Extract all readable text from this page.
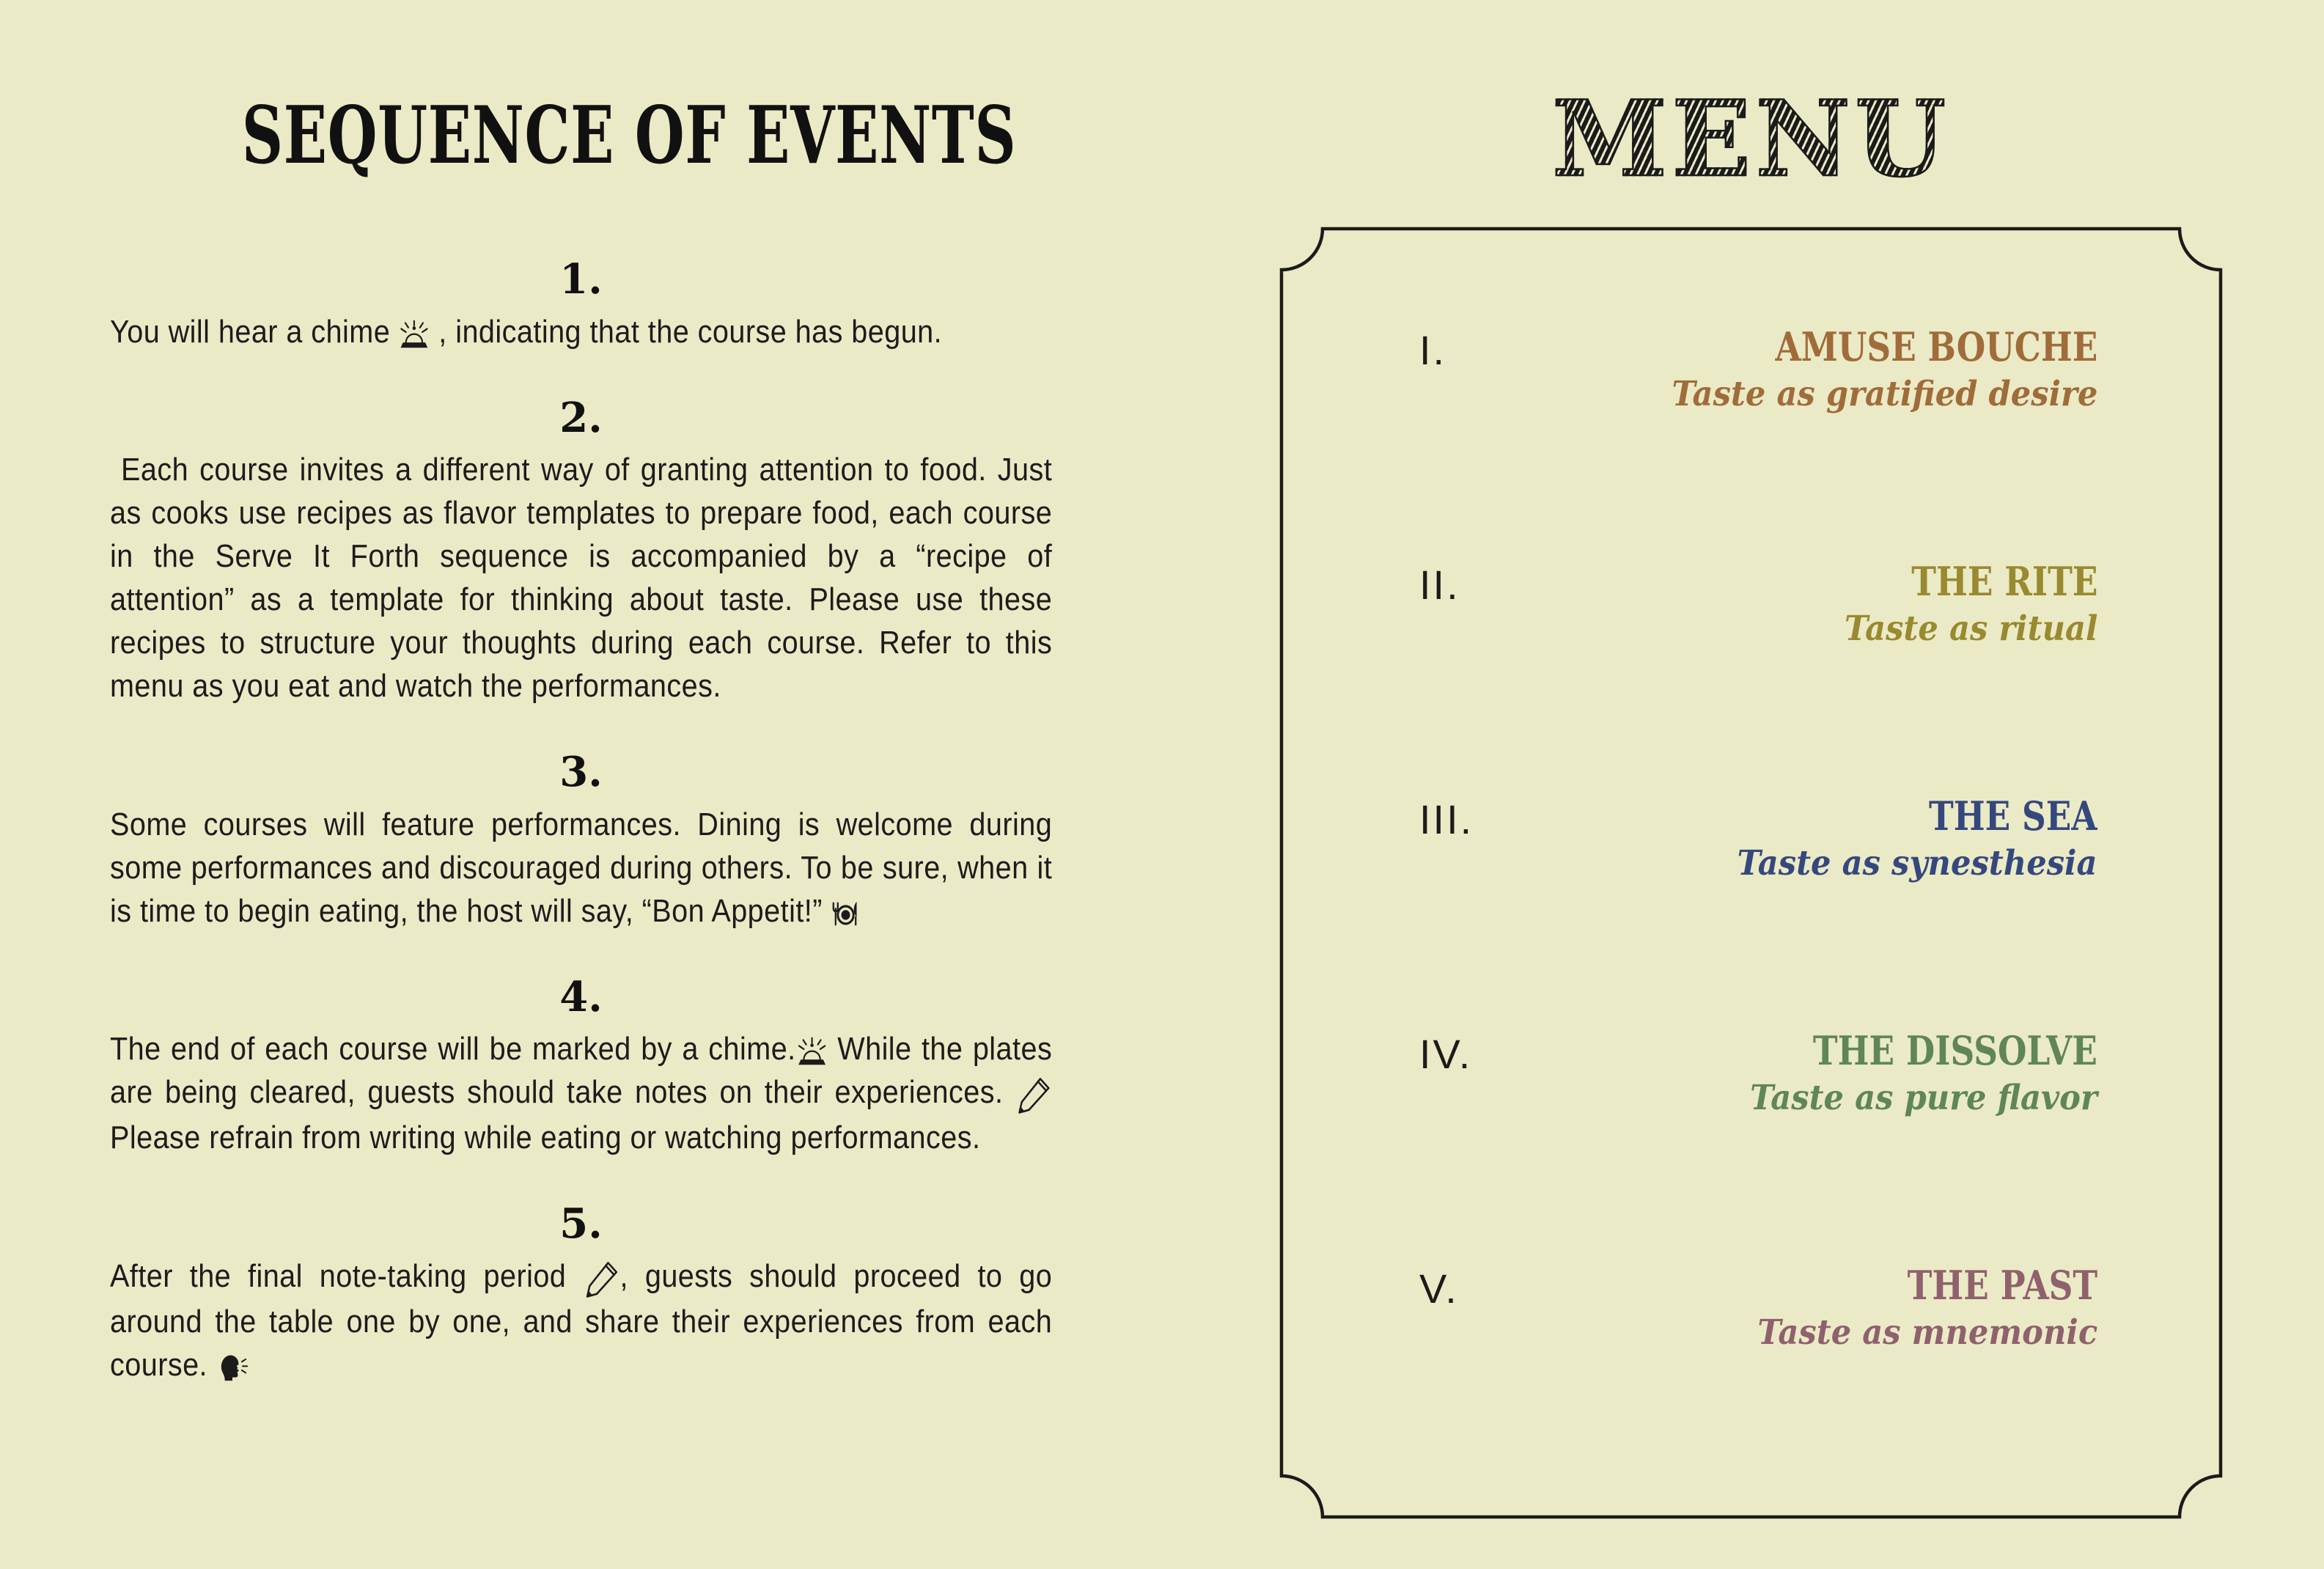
SEQUENCE OF EVENTS
1.

You will hear a chime  , indicating that the course has begun.

2.

Each course invites a different way of granting attention to food. Just as cooks use recipes as flavor templates to prepare food, each course in the Serve It Forth sequence is accompanied by a “recipe of attention” as a template for thinking about taste. Please use these recipes to structure your thoughts during each course. Refer to this menu as you eat and watch the performances.

3.

Some courses will feature performances. Dining is welcome during some performances and discouraged during others. To be sure, when it is time to begin eating, the host will say, “Bon Appetit!”

4.

The end of each course will be marked by a chime. While the plates are being cleared, guests should take notes on their experiences.  Please refrain from writing while eating or watching performances.

5.

After the final note-taking period , guests should proceed to go around the table one by one, and share their experiences from each course.

MENU
I.	AMUSE BOUCHE
Taste as gratified desire
II.	THE RITE
Taste as ritual
III.	THE SEA
Taste as synesthesia
IV.	THE DISSOLVE
Taste as pure flavor
V.	THE PAST
Taste as mnemonic
